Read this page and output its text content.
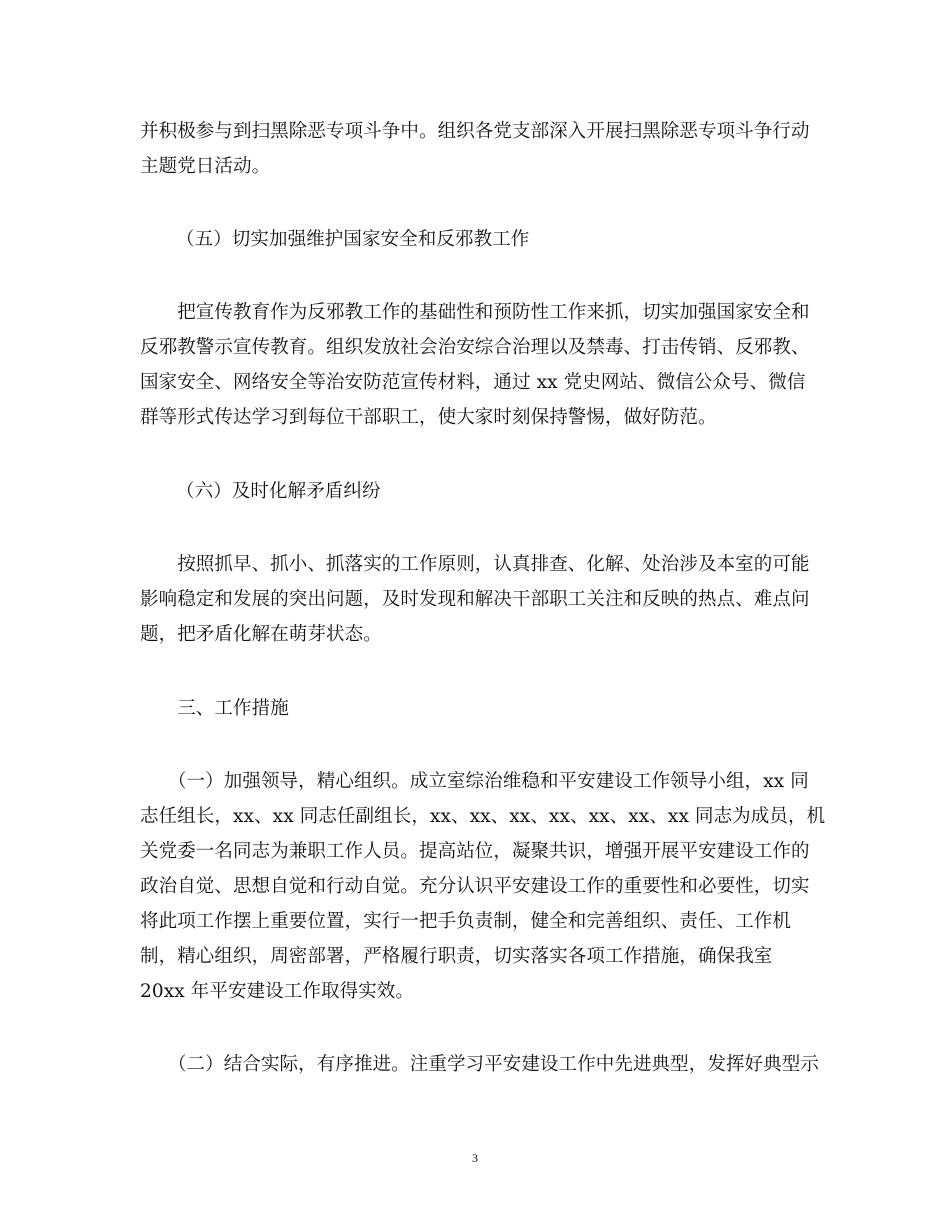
并积极参与到扫黑除恶专项斗争中。组织各党支部深入开展扫黑除恶专项斗争行动
主题党日活动。
（五）切实加强维护国家安全和反邪教工作
　　把宣传教育作为反邪教工作的基础性和预防性工作来抓，切实加强国家安全和
反邪教警示宣传教育。组织发放社会治安综合治理以及禁毒、打击传销、反邪教、
国家安全、网络安全等治安防范宣传材料，通过 xx 党史网站、微信公众号、微信
群等形式传达学习到每位干部职工，使大家时刻保持警惕，做好防范。
（六）及时化解矛盾纠纷
　　按照抓早、抓小、抓落实的工作原则，认真排查、化解、处治涉及本室的可能
影响稳定和发展的突出问题，及时发现和解决干部职工关注和反映的热点、难点问
题，把矛盾化解在萌芽状态。
　　三、工作措施
　　（一）加强领导，精心组织。成立室综治维稳和平安建设工作领导小组，xx 同
志任组长，xx、xx 同志任副组长，xx、xx、xx、xx、xx、xx、xx 同志为成员，机
关党委一名同志为兼职工作人员。提高站位，凝聚共识，增强开展平安建设工作的
政治自觉、思想自觉和行动自觉。充分认识平安建设工作的重要性和必要性，切实
将此项工作摆上重要位置，实行一把手负责制，健全和完善组织、责任、工作机
制，精心组织，周密部署，严格履行职责，切实落实各项工作措施，确保我室
20xx 年平安建设工作取得实效。
　　（二）结合实际，有序推进。注重学习平安建设工作中先进典型，发挥好典型示
3
